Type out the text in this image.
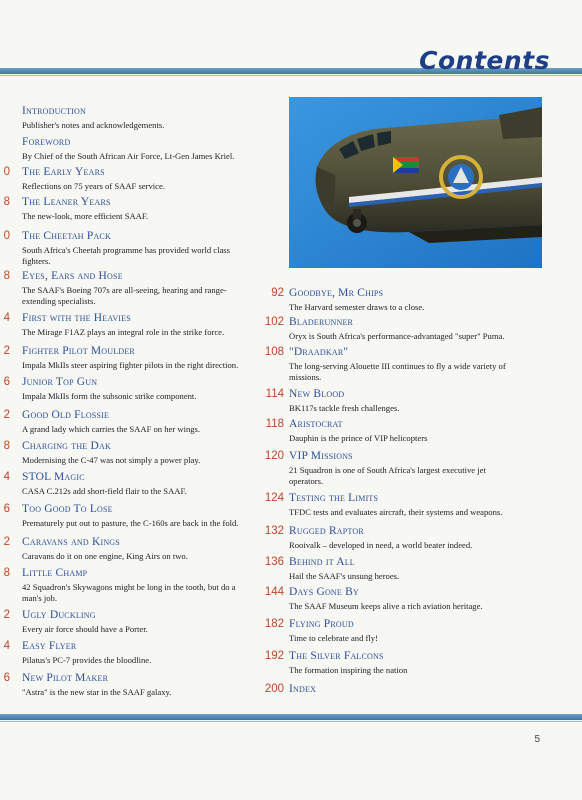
Contents
Introduction
Publisher's notes and acknowledgements.
Foreword
By Chief of the South African Air Force, Lt-Gen James Kriel.
0 The Early Years
Reflections on 75 years of SAAF service.
8 The Leaner Years
The new-look, more efficient SAAF.
0 The Cheetah Pack
South Africa's Cheetah programme has provided world class fighters.
8 Eyes, Ears and Hose
The SAAF's Boeing 707s are all-seeing, hearing and range-extending specialists.
4 First with the Heavies
The Mirage F1AZ plays an integral role in the strike force.
2 Fighter Pilot Moulder
Impala MkIIs steer aspiring fighter pilots in the right direction.
6 Junior Top Gun
Impala MkIIs form the subsonic strike component.
2 Good Old Flossie
A grand lady which carries the SAAF on her wings.
8 Charging the Dak
Modernising the C-47 was not simply a power play.
4 STOL Magic
CASA C.212s add short-field flair to the SAAF.
6 Too Good To Lose
Prematurely put out to pasture, the C-160s are back in the fold.
2 Caravans and Kings
Caravans do it on one engine, King Airs on two.
8 Little Champ
42 Squadron's Skywagons might be long in the tooth, but do a man's job.
2 Ugly Duckling
Every air force should have a Porter.
4 Easy Flyer
Pilatus's PC-7 provides the bloodline.
6 New Pilot Maker
"Astra" is the new star in the SAAF galaxy.
92 Goodbye, Mr Chips
The Harvard semester draws to a close.
102 Bladerunner
Oryx is South Africa's performance-advantaged "super" Puma.
108 "Draadkar"
The long-serving Alouette III continues to fly a wide variety of missions.
114 New Blood
BK117s tackle fresh challenges.
118 Aristocrat
Dauphin is the prince of VIP helicopters
120 VIP Missions
21 Squadron is one of South Africa's largest executive jet operators.
124 Testing the Limits
TFDC tests and evaluates aircraft, their systems and weapons.
132 Rugged Raptor
Rooivalk – developed in need, a world beater indeed.
136 Behind it All
Hail the SAAF's unsung heroes.
144 Days Gone By
The SAAF Museum keeps alive a rich aviation heritage.
182 Flying Proud
Time to celebrate and fly!
192 The Silver Falcons
The formation inspiring the nation
200 Index
5
